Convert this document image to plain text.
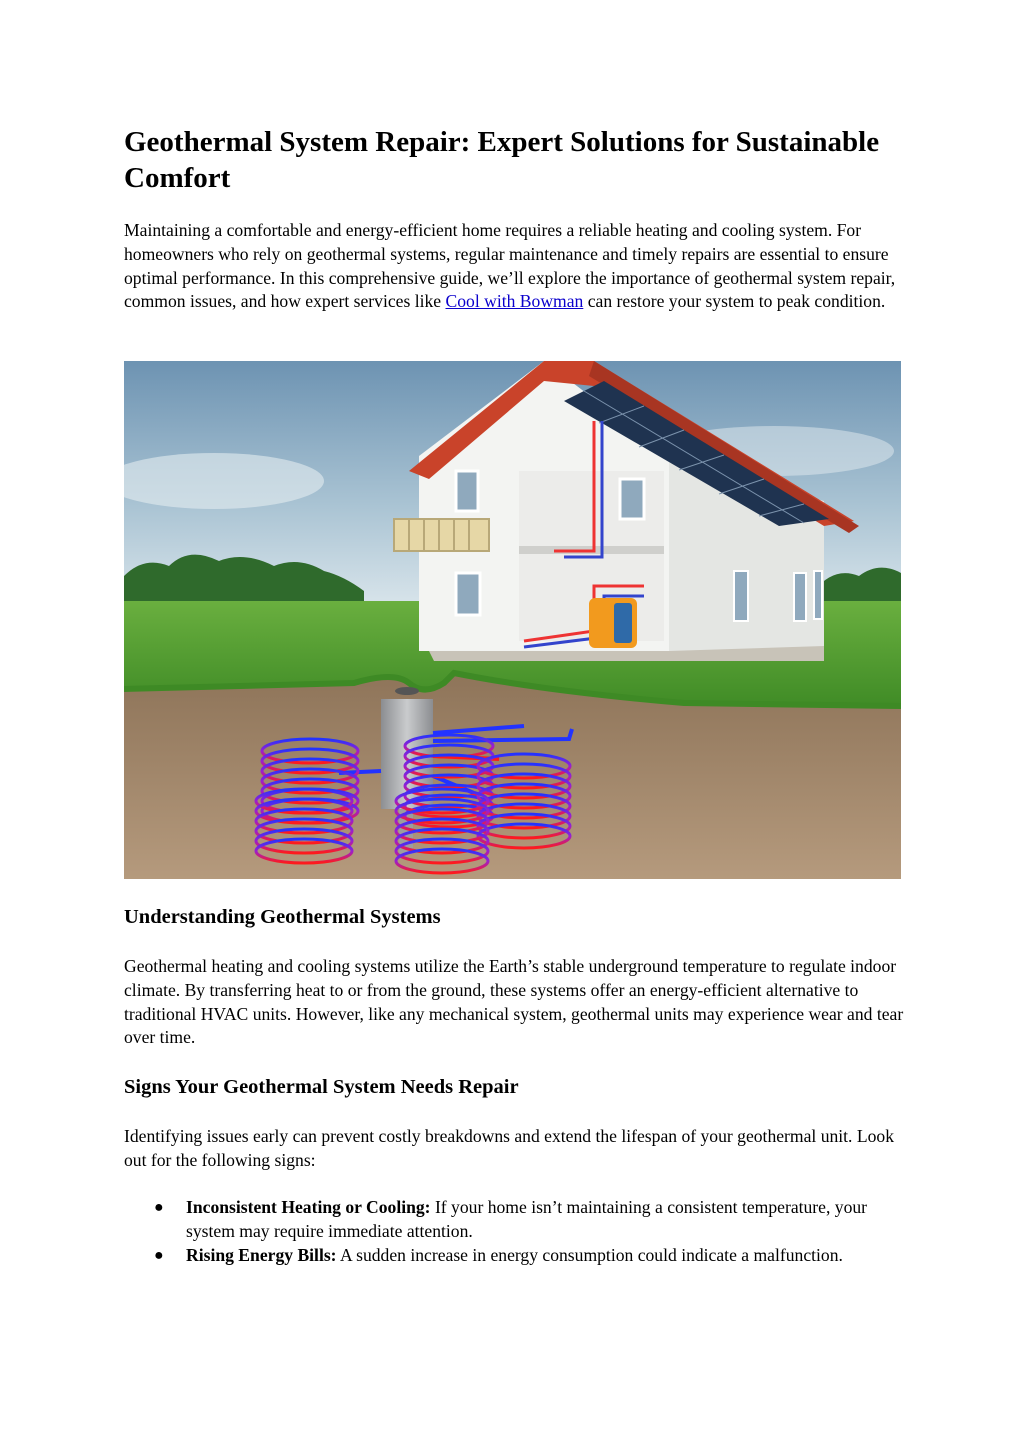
Geothermal System Repair: Expert Solutions for Sustainable Comfort

Maintaining a comfortable and energy-efficient home requires a reliable heating and cooling system. For homeowners who rely on geothermal systems, regular maintenance and timely repairs are essential to ensure optimal performance. In this comprehensive guide, we’ll explore the importance of geothermal system repair, common issues, and how expert services like Cool with Bowman can restore your system to peak condition.

Understanding Geothermal Systems

Geothermal heating and cooling systems utilize the Earth’s stable underground temperature to regulate indoor climate. By transferring heat to or from the ground, these systems offer an energy-efficient alternative to traditional HVAC units. However, like any mechanical system, geothermal units may experience wear and tear over time.

Signs Your Geothermal System Needs Repair

Identifying issues early can prevent costly breakdowns and extend the lifespan of your geothermal unit. Look out for the following signs:

● Inconsistent Heating or Cooling: If your home isn’t maintaining a consistent temperature, your system may require immediate attention.
● Rising Energy Bills: A sudden increase in energy consumption could indicate a malfunction.
